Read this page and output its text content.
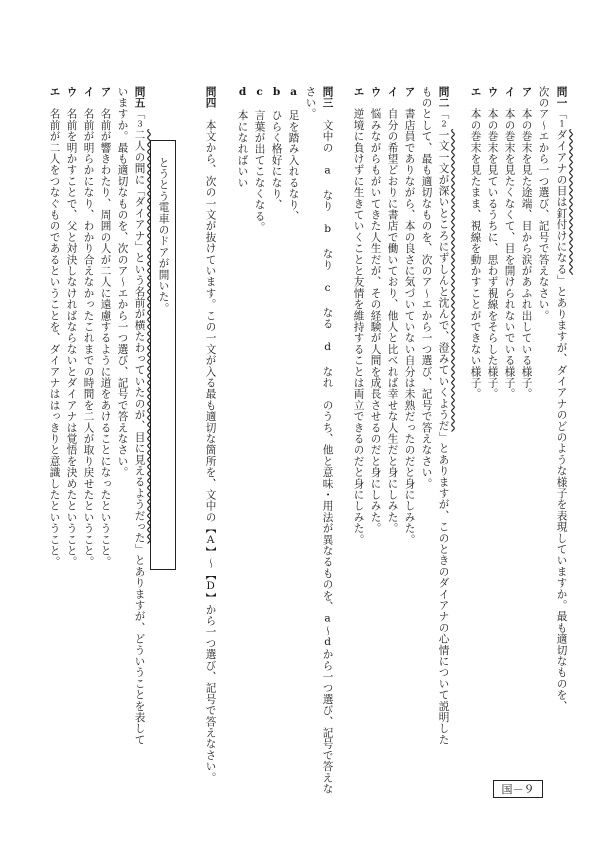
問一「1ダイアナの目は釘付けになる」とありますが、ダイアナのどのような様子を表現していますか。最も適切なものを、
次のア～エから一つ選び、記号で答えなさい。
ア　本の巻末を見た途端、目から涙があふれ出している様子。
イ　本の巻末を見たくなくて、目を開けられないでいる様子。
ウ　本の巻末を見ているうちに、思わず視線をそらした様子。
エ　本の巻末を見たまま、視線を動かすことができない様子。
問二「2一文一文が深いところにずしんと沈んで、澄みていくようだ」とありますが、このときのダイアナの心情について説明した
ものとして、最も適切なものを、次のア～エから一つ選び、記号で答えなさい。
ア　書店員でありながら、本の良さに気づいていない自分は未熟だったのだと身にしみた。
イ　自分の希望どおりに書店で働いており、他人と比べれば幸せな人生だと身にしみた。
ウ　悩みながらもがいてきた人生だが、その経験が人間を成長させるのだと身にしみた。
エ　逆境に負けずに生きていくことと友情を維持することは両立できるのだと身にしみた。
問三　文中の　a なり　b なり　c なる　d なれ　のうち、他と意味・用法が異なるものを、a～dから一つ選び、記号で答えな
さい。
a　足を踏み入れるなり、
b　ひらく格好になり、
c　言葉が出てこなくなる。
d　本になればいい
問四　本文から、次の一文が抜けています。この一文が入る最も適切な箇所を、文中の【A】～【D】から一つ選び、記号で答えなさい。
とうとう電車のドアが開いた。
問五「3二人の間に「ダイアナ」という名前が横たわっていたのが、目に見えるようだった」とありますが、どういうことを表して
いますか。最も適切なものを、次のア～エから一つ選び、記号で答えなさい。
ア　名前が響きわたり、周囲の人が二人に遠慮するように道をあけることになったということ。
イ　名前が明らかになり、わかり合えなかったこれまでの時間を二人が取り戻せたということ。
ウ　名前を明かすことで、父と対決しなければならないとダイアナは覚悟を決めたということ。
エ　名前が二人をつなぐものであるということを、ダイアナははっきりと意識したということ。
国－９
